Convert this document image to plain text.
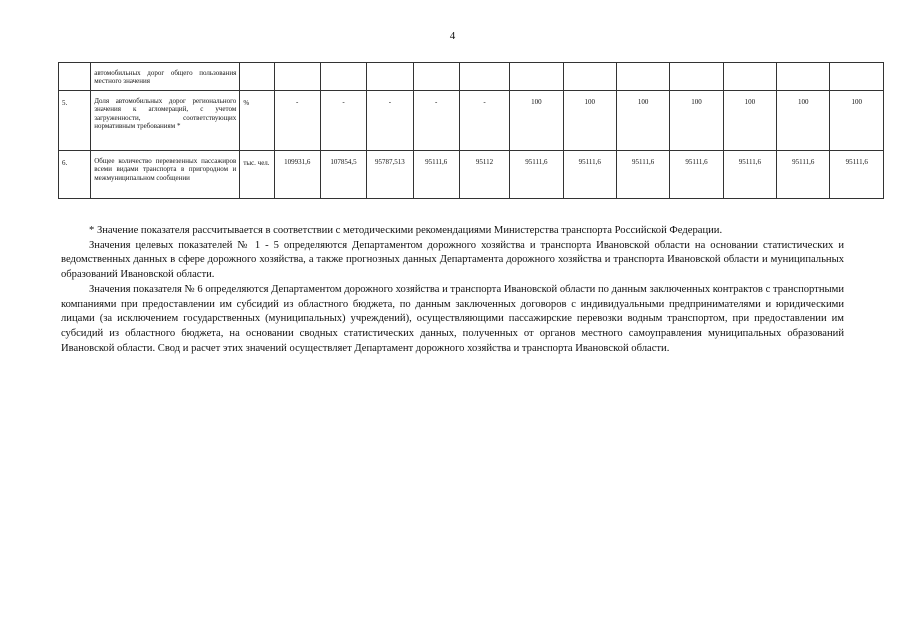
4
	автомобильных дорог общего пользования местного значения													
5.	Доля автомобильных дорог регионального значения к агломераций, с учетом загруженности, соответствующих нормативным требованиям *	%	-	-	-	-	-	100	100	100	100	100	100	100
6.	Общее количество перевезенных пассажиров всеми видами транспорта в пригородном и межмуниципальном сообщении	тыс. чел.	109931,6	107854,5	95787,513	95111,6	95112	95111,6	95111,6	95111,6	95111,6	95111,6	95111,6	95111,6

* Значение показателя рассчитывается в соответствии с методическими рекомендациями Министерства транспорта Российской Федерации.

Значения целевых показателей № 1 - 5 определяются Департаментом дорожного хозяйства и транспорта Ивановской области на основании статистических и ведомственных данных в сфере дорожного хозяйства, а также прогнозных данных Департамента дорожного хозяйства и транспорта Ивановской области и муниципальных образований Ивановской области.

Значения показателя № 6 определяются Департаментом дорожного хозяйства и транспорта Ивановской области по данным заключенных контрактов с транспортными компаниями при предоставлении им субсидий из областного бюджета, по данным заключенных договоров с индивидуальными предпринимателями и юридическими лицами (за исключением государственных (муниципальных) учреждений), осуществляющими пассажирские перевозки водным транспортом, при предоставлении им субсидий из областного бюджета, на основании сводных статистических данных, полученных от органов местного самоуправления муниципальных образований Ивановской области. Свод и расчет этих значений осуществляет Департамент дорожного хозяйства и транспорта Ивановской области.
